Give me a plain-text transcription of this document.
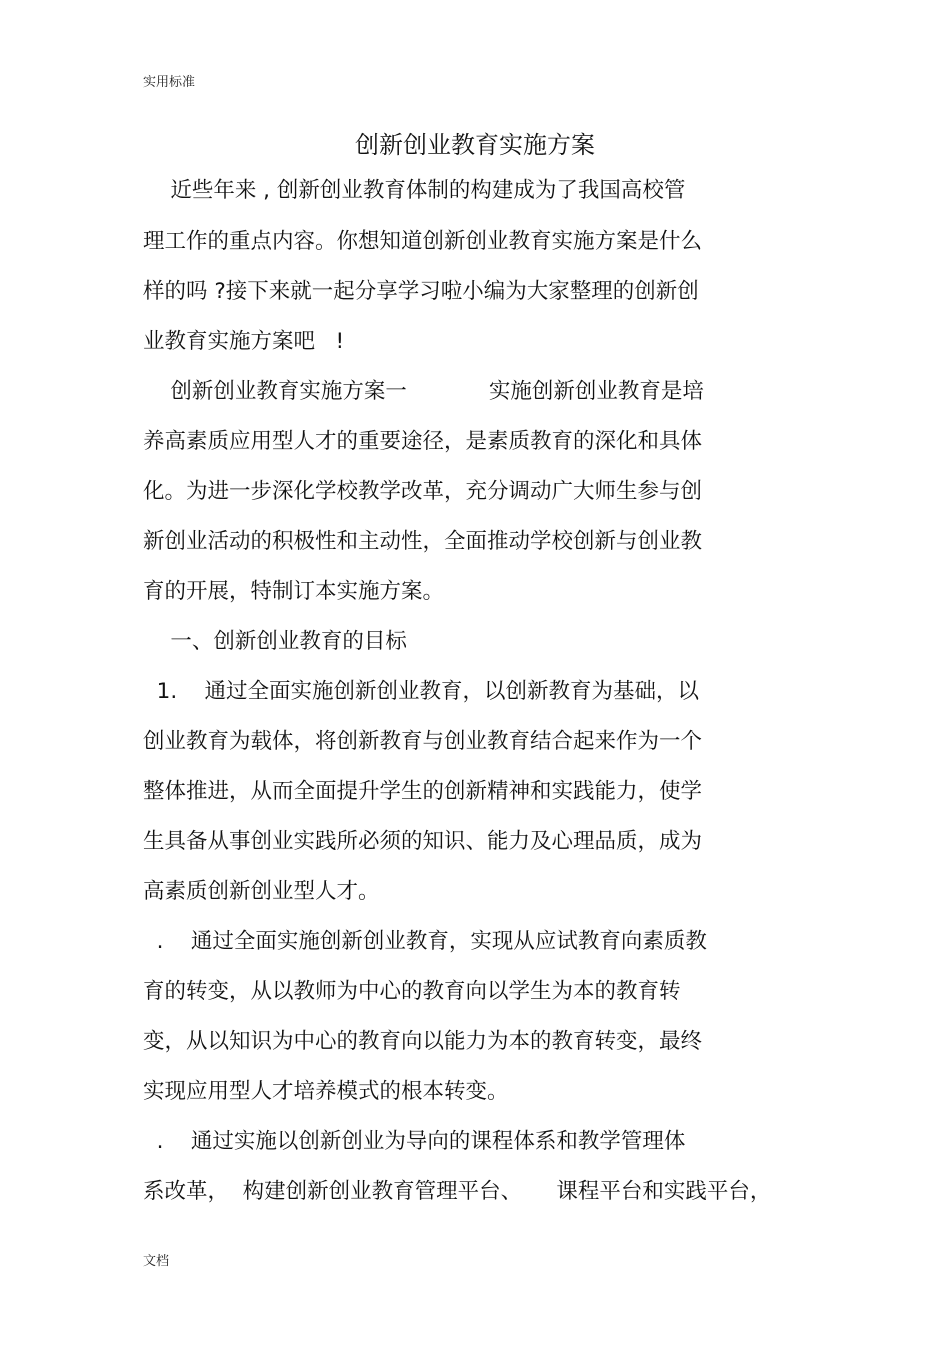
实用标准
创新创业教育实施方案
近些年来 , 创新创业教育体制的构建成为了我国高校管
理工作的重点内容。你想知道创新创业教育实施方案是什么
样的吗 ?接下来就一起分享学习啦小编为大家整理的创新创
业教育实施方案吧   !
创新创业教育实施方案一            实施创新创业教育是培
养高素质应用型人才的重要途径，是素质教育的深化和具体
化。为进一步深化学校教学改革，充分调动广大师生参与创
新创业活动的积极性和主动性，全面推动学校创新与创业教
育的开展，特制订本实施方案。
一、创新创业教育的目标
1.    通过全面实施创新创业教育，以创新教育为基础，以
创业教育为载体，将创新教育与创业教育结合起来作为一个
整体推进，从而全面提升学生的创新精神和实践能力，使学
生具备从事创业实践所必须的知识、能力及心理品质，成为
高素质创新创业型人才。
.    通过全面实施创新创业教育，实现从应试教育向素质教
育的转变，从以教师为中心的教育向以学生为本的教育转
变，从以知识为中心的教育向以能力为本的教育转变，最终
实现应用型人才培养模式的根本转变。
.    通过实施以创新创业为导向的课程体系和教学管理体
系改革，  构建创新创业教育管理平台、     课程平台和实践平台，
文档
